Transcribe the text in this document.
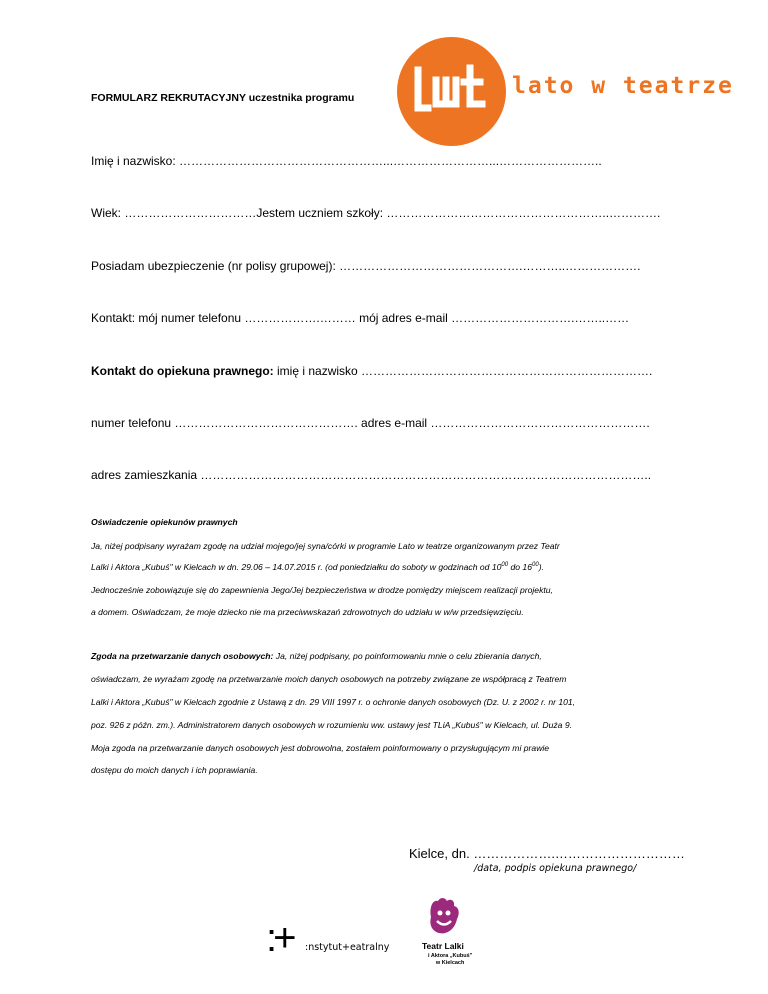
FORMULARZ REKRUTACYJNY uczestnika programu	lato w teatrze
Imię i nazwisko: ……………………………………………...……………………...……………………..
Wiek: ……………………………Jestem uczniem szkoły: ………………………………………………..………….
Posiadam ubezpieczenie (nr polisy grupowej): ……………………………………….………..……………….
Kontakt: mój numer telefonu ……………….……… mój adres e-mail ………………………….……..……
Kontakt do opiekuna prawnego: imię i nazwisko ……………………………………………………………….
numer telefonu ………………………………………. adres e-mail ……………………………………………….
adres zamieszkania …………………………………………………………………………………………………..
Oświadczenie opiekunów prawnych
Ja, niżej podpisany wyrażam zgodę na udział mojego/jej syna/córki w programie Lato w teatrze organizowanym przez Teatr
Lalki i Aktora „Kubuś" w Kielcach w dn. 29.06 – 14.07.2015 r. (od poniedziałku do soboty w godzinach od $10^{00}$ do $16^{00}$).
Jednocześnie zobowiązuje się do zapewnienia Jego/Jej bezpieczeństwa w drodze pomiędzy miejscem realizacji projektu,
a domem. Oświadczam, że moje dziecko nie ma przeciwwskazań zdrowotnych do udziału w w/w przedsięwzięciu.
Zgoda na przetwarzanie danych osobowych: Ja, niżej podpisany, po poinformowaniu mnie o celu zbierania danych,
oświadczam, że wyrażam zgodę na przetwarzanie moich danych osobowych na potrzeby związane ze współpracą z Teatrem
Lalki i Aktora „Kubuś" w Kielcach zgodnie z Ustawą z dn. 29 VIII 1997 r. o ochronie danych osobowych (Dz. U. z 2002 r. nr 101,
poz. 926 z późn. zm.). Administratorem danych osobowych w rozumieniu ww. ustawy jest TLiA „Kubuś" w Kielcach, ul. Duża 9.
Moja zgoda na przetwarzanie danych osobowych jest dobrowolna, zostałem poinformowany o przysługującym mi prawie
dostępu do moich danych i ich poprawiania.
Kielce, dn. ……………….…………………………
/data, podpis opiekuna prawnego/
:+ :nstytut+eatralny	Teatr Lalki
i Aktora „Kubuś"
w Kielcach
